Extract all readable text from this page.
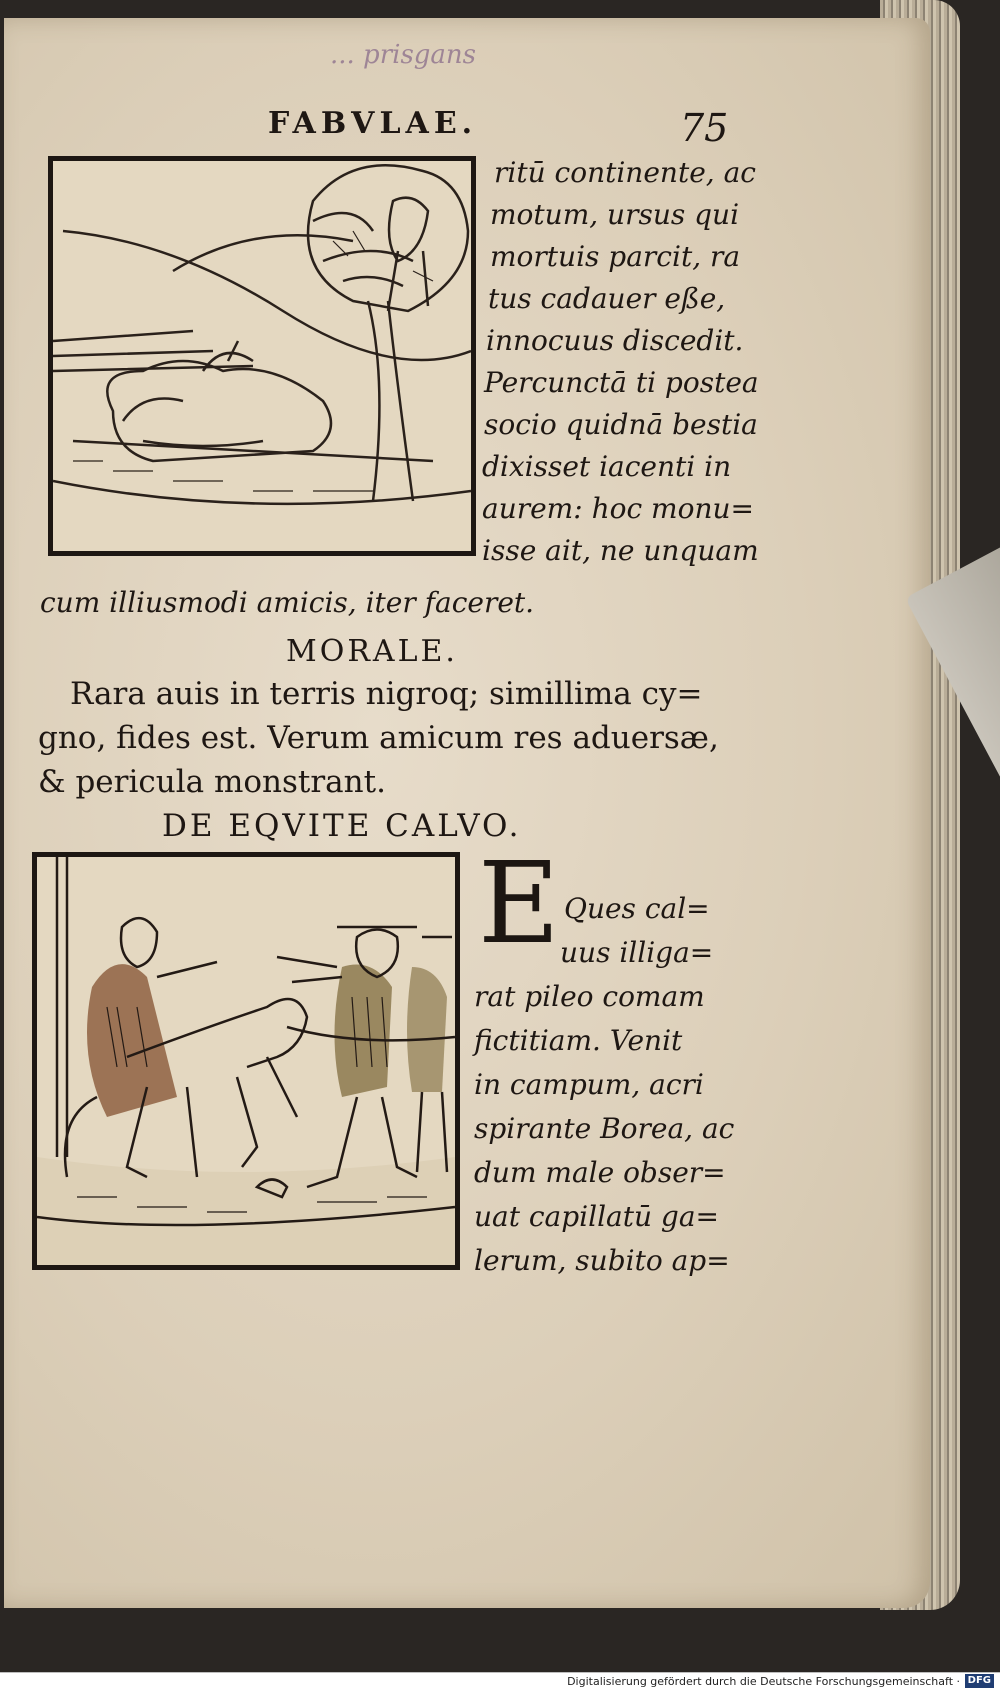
... prisgans
FABVLAE.	75
ritū continente, ac
motum, ursus qui
mortuis parcit, ra
tus cadauer eße,
innocuus discedit.
Percunctā ti postea
socio quidnā bestia
dixisset iacenti in
aurem: hoc monu=
isse ait, ne unquam
cum illiusmodi amicis, iter faceret.
MORALE.
Rara auis in terris nigroq; simillima cy=
gno, fides est. Verum amicum res aduersæ,
& pericula monstrant.
DE EQVITE CALVO.
E Ques cal=
uus illiga=
rat pileo comam
fictitiam. Venit
in campum, acri
spirante Borea, ac
dum male obser=
uat capillatū ga=
lerum, subito ap=
Digitalisierung gefördert durch die Deutsche Forschungsgemeinschaft · DFG
